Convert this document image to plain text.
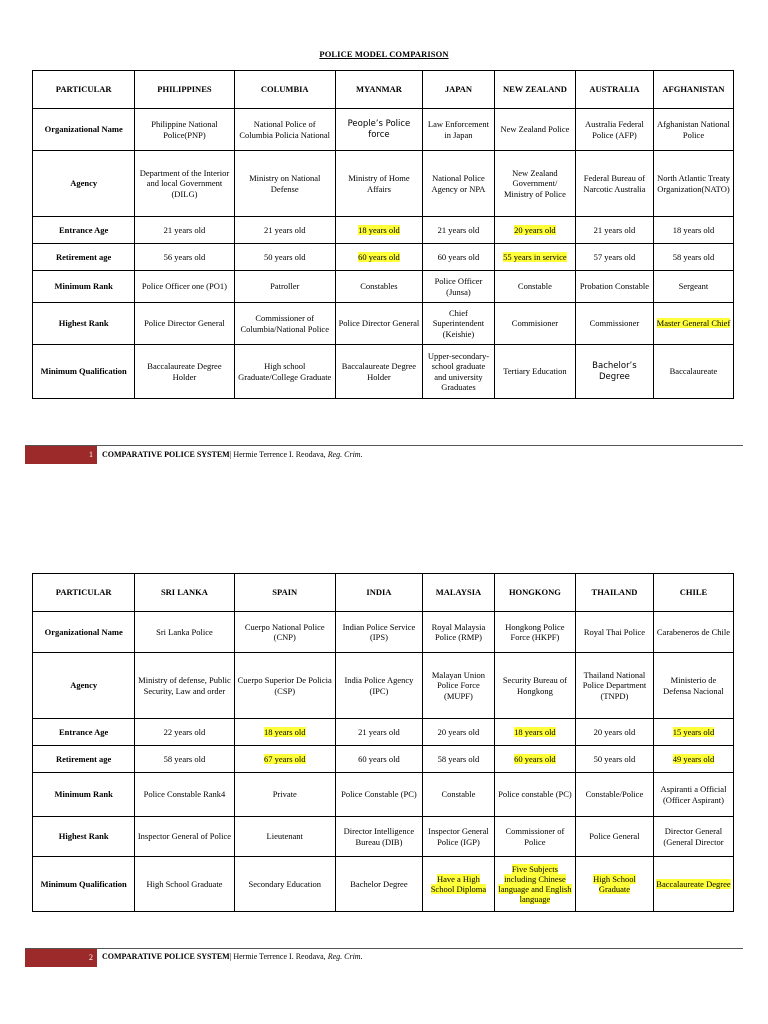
POLICE MODEL COMPARISON
PARTICULAR	PHILIPPINES	COLUMBIA	MYANMAR	JAPAN	NEW ZEALAND	AUSTRALIA	AFGHANISTAN
Organizational Name	Philippine National Police(PNP)	National Police of Columbia Policia National	People’s Police force	Law Enforcement in Japan	New Zealand Police	Australia Federal Police (AFP)	Afghanistan National Police
Agency	Department of the Interior and local Government (DILG)	Ministry on National Defense	Ministry of Home Affairs	National Police Agency or NPA	New Zealand Government/ Ministry of Police	Federal Bureau of Narcotic Australia	North Atlantic Treaty Organization(NATO)
Entrance Age	21 years old	21 years old	18 years old	21 years old	20 years old	21 years old	18 years old
Retirement age	56 years old	50 years old	60 years old	60 years old	55 years in service	57 years old	58 years old
Minimum Rank	Police Officer one (PO1)	Patroller	Constables	Police Officer (Junsa)	Constable	Probation Constable	Sergeant
Highest Rank	Police Director General	Commissioner of Columbia/National Police	Police Director General	Chief Superintendent (Keishie)	Commisioner	Commissioner	Master General Chief
Minimum Qualification	Baccalaureate Degree Holder	High school Graduate/College Graduate	Baccalaureate Degree Holder	Upper-secondary-school graduate and university Graduates	Tertiary Education	Bachelor’s Degree	Baccalaureate
1	COMPARATIVE POLICE SYSTEM| Hermie Terrence I. Reodava, Reg. Crim.
PARTICULAR	SRI LANKA	SPAIN	INDIA	MALAYSIA	HONGKONG	THAILAND	CHILE
Organizational Name	Sri Lanka Police	Cuerpo National Police (CNP)	Indian Police Service (IPS)	Royal Malaysia Police (RMP)	Hongkong Police Force (HKPF)	Royal Thai Police	Carabeneros de Chile
Agency	Ministry of defense, Public Security, Law and order	Cuerpo Superior De Policia (CSP)	India Police Agency (IPC)	Malayan Union Police Force (MUPF)	Security Bureau of Hongkong	Thailand National Police Department (TNPD)	Ministerio de Defensa Nacional
Entrance Age	22 years old	18 years old	21 years old	20 years old	18 years old	20 years old	15 years old
Retirement age	58 years old	67 years old	60 years old	58 years old	60 years old	50 years old	49 years old
Minimum Rank	Police Constable Rank4	Private	Police Constable (PC)	Constable	Police constable (PC)	Constable/Police	Aspiranti a Official (Officer Aspirant)
Highest Rank	Inspector General of Police	Lieutenant	Director Intelligence Bureau (DIB)	Inspector General Police (IGP)	Commissioner of Police	Police General	Director General (General Director
Minimum Qualification	High School Graduate	Secondary Education	Bachelor Degree	Have a High School Diploma	Five Subjects including Chinese language and English language	High School Graduate	Baccalaureate Degree
2	COMPARATIVE POLICE SYSTEM| Hermie Terrence I. Reodava, Reg. Crim.
